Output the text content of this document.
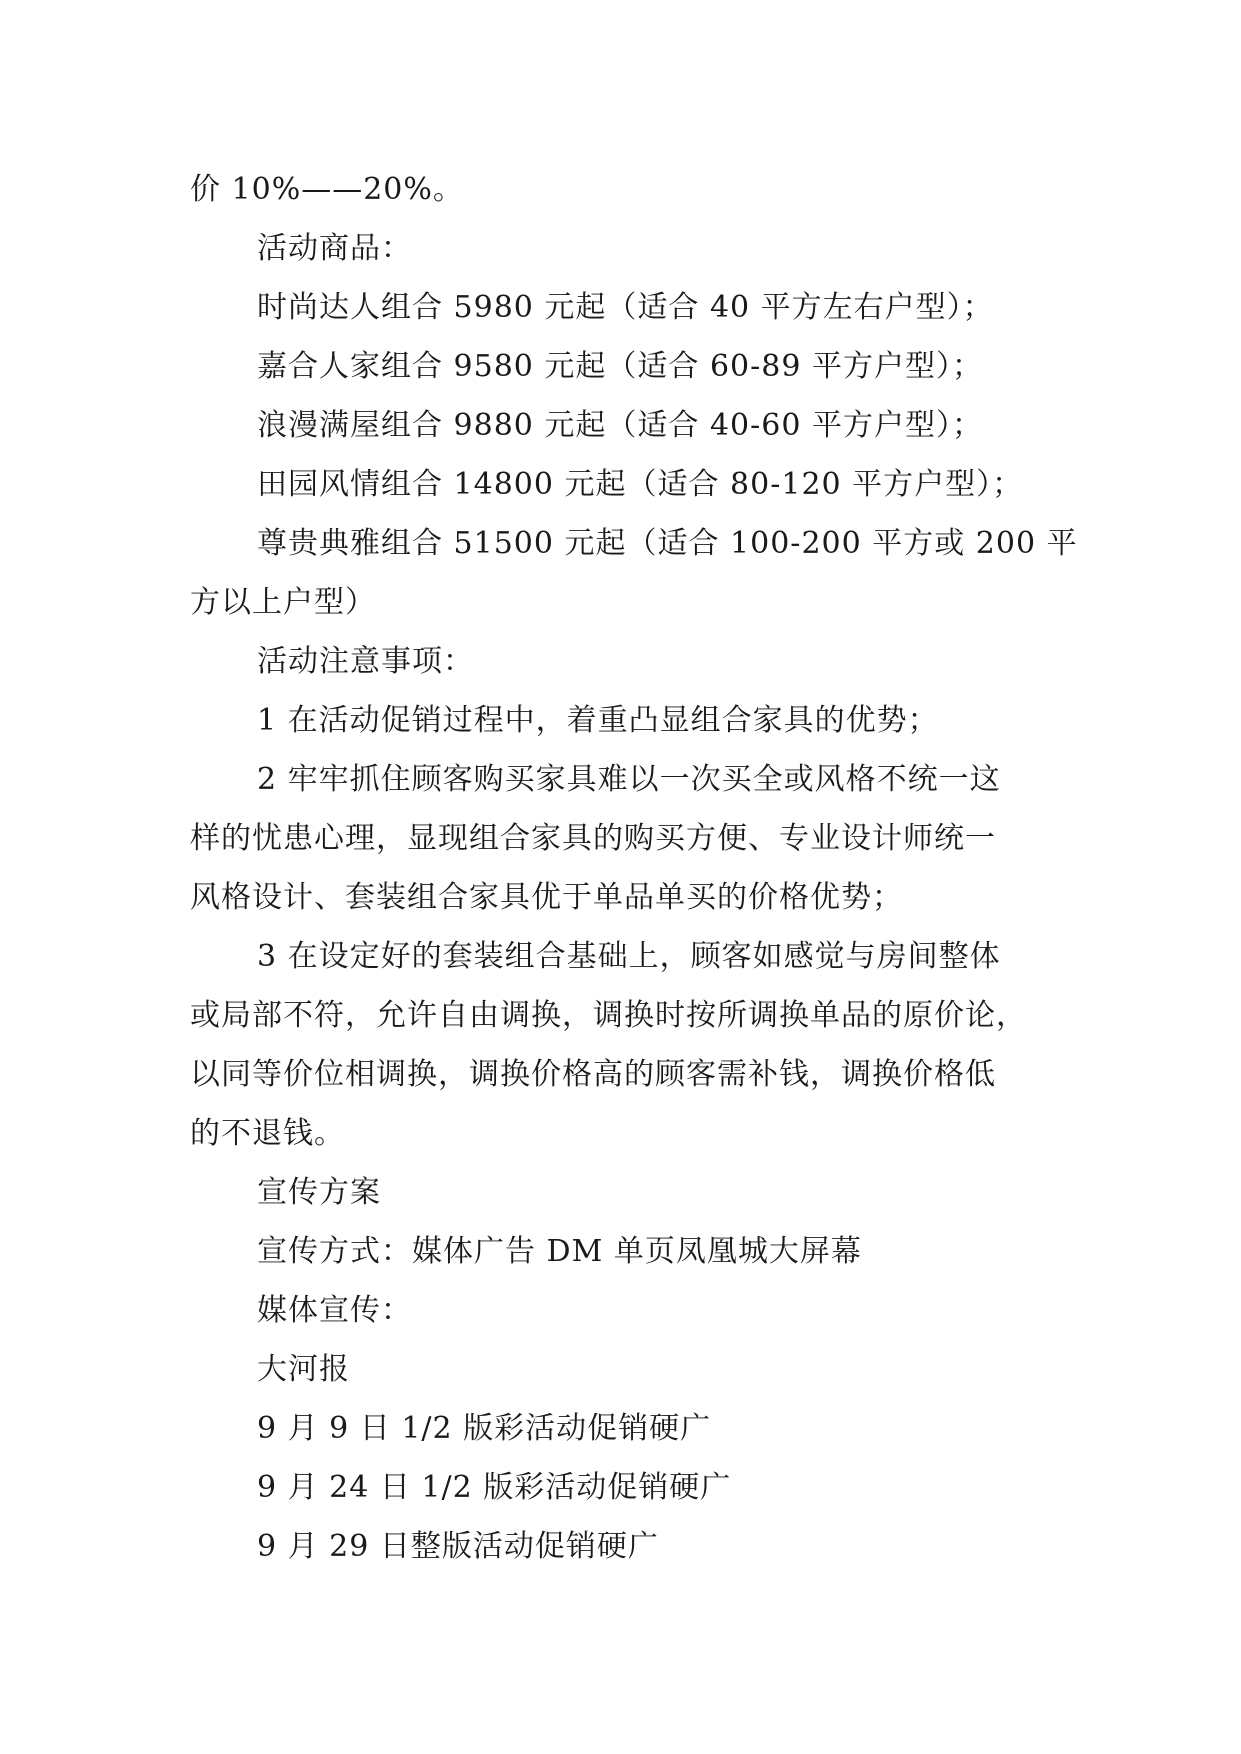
价 10%——20%。
活动商品：
时尚达人组合 5980 元起（适合 40 平方左右户型）；
嘉合人家组合 9580 元起（适合 60-89 平方户型）；
浪漫满屋组合 9880 元起（适合 40-60 平方户型）；
田园风情组合 14800 元起（适合 80-120 平方户型）；
尊贵典雅组合 51500 元起（适合 100-200 平方或 200 平
方以上户型）
活动注意事项：
1 在活动促销过程中，着重凸显组合家具的优势；
2 牢牢抓住顾客购买家具难以一次买全或风格不统一这
样的忧患心理，显现组合家具的购买方便、专业设计师统一
风格设计、套装组合家具优于单品单买的价格优势；
3 在设定好的套装组合基础上，顾客如感觉与房间整体
或局部不符，允许自由调换，调换时按所调换单品的原价论，
以同等价位相调换，调换价格高的顾客需补钱，调换价格低
的不退钱。
宣传方案
宣传方式：媒体广告 DM 单页凤凰城大屏幕
媒体宣传：
大河报
9 月 9 日 1/2 版彩活动促销硬广
9 月 24 日 1/2 版彩活动促销硬广
9 月 29 日整版活动促销硬广
